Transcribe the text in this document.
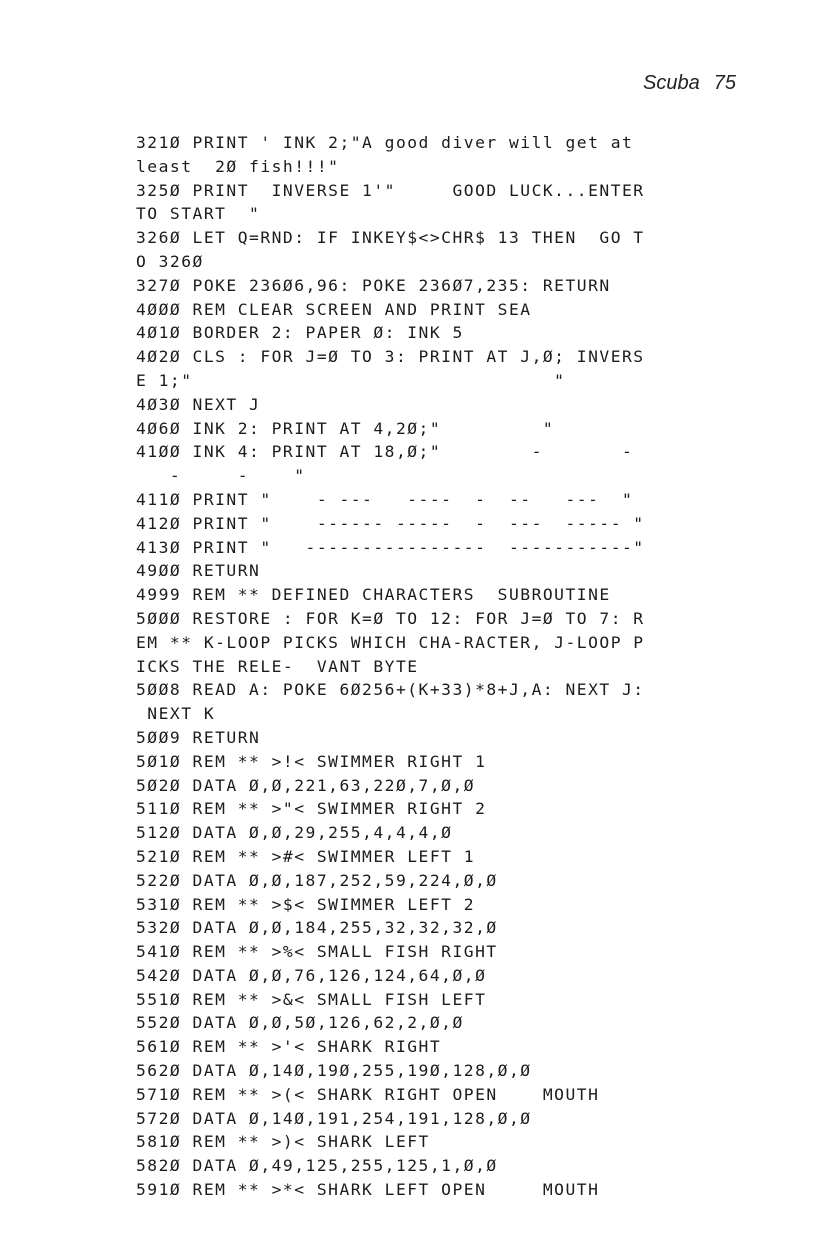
Scuba 75
321Ø PRINT ' INK 2;"A good diver will get at
least  2Ø fish!!!"
325Ø PRINT  INVERSE 1'"     GOOD LUCK...ENTER
TO START  "
326Ø LET Q=RND: IF INKEY$<>CHR$ 13 THEN  GO T
O 326Ø
327Ø POKE 236Ø6,96: POKE 236Ø7,235: RETURN
4ØØØ REM CLEAR SCREEN AND PRINT SEA
4Ø1Ø BORDER 2: PAPER Ø: INK 5
4Ø2Ø CLS : FOR J=Ø TO 3: PRINT AT J,Ø; INVERS
E 1;"                                "
4Ø3Ø NEXT J
4Ø6Ø INK 2: PRINT AT 4,2Ø;"         "
41ØØ INK 4: PRINT AT 18,Ø;"        -       -
-     -    "
411Ø PRINT "    - ---   ----  -  --   ---  "
412Ø PRINT "    ------ -----  -  ---  ----- "
413Ø PRINT "   ----------------  -----------"
49ØØ RETURN
4999 REM ** DEFINED CHARACTERS  SUBROUTINE
5ØØØ RESTORE : FOR K=Ø TO 12: FOR J=Ø TO 7: R
EM ** K-LOOP PICKS WHICH CHA-RACTER, J-LOOP P
ICKS THE RELE-  VANT BYTE
5ØØ8 READ A: POKE 6Ø256+(K+33)*8+J,A: NEXT J:
NEXT K
5ØØ9 RETURN
5Ø1Ø REM ** >!< SWIMMER RIGHT 1
5Ø2Ø DATA Ø,Ø,221,63,22Ø,7,Ø,Ø
511Ø REM ** >"< SWIMMER RIGHT 2
512Ø DATA Ø,Ø,29,255,4,4,4,Ø
521Ø REM ** >#< SWIMMER LEFT 1
522Ø DATA Ø,Ø,187,252,59,224,Ø,Ø
531Ø REM ** >$< SWIMMER LEFT 2
532Ø DATA Ø,Ø,184,255,32,32,32,Ø
541Ø REM ** >%< SMALL FISH RIGHT
542Ø DATA Ø,Ø,76,126,124,64,Ø,Ø
551Ø REM ** >&< SMALL FISH LEFT
552Ø DATA Ø,Ø,5Ø,126,62,2,Ø,Ø
561Ø REM ** >'< SHARK RIGHT
562Ø DATA Ø,14Ø,19Ø,255,19Ø,128,Ø,Ø
571Ø REM ** >(< SHARK RIGHT OPEN    MOUTH
572Ø DATA Ø,14Ø,191,254,191,128,Ø,Ø
581Ø REM ** >)< SHARK LEFT
582Ø DATA Ø,49,125,255,125,1,Ø,Ø
591Ø REM ** >*< SHARK LEFT OPEN     MOUTH
